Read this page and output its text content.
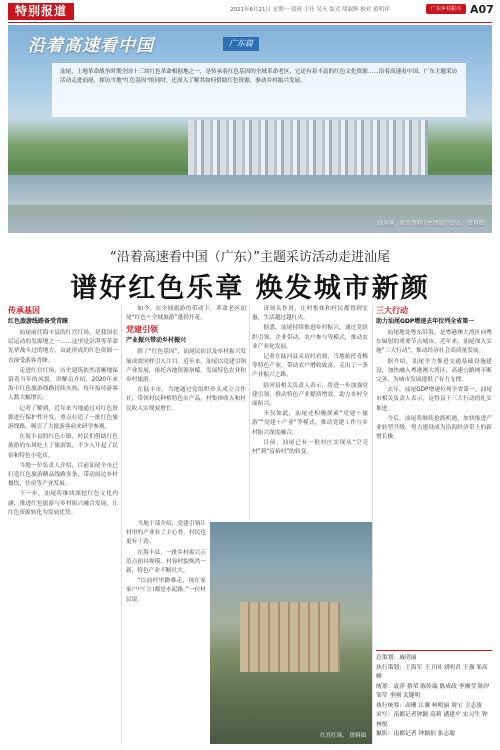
特别报道	2021年6月21日 星期一 值班 主任 吴天 版式 胡淑辉 校对 黄明祥	广东乡村振兴 A07
沿着高速看中国	广东篇
汕尾，土地革命战争时期全国十三块红色革命根据地之一，是传承着红色基因的全域革命老区，它还有着丰富的红色文化资源……沿着高速看中国，广东主题采访活动走进汕尾，探访当地"红色基因"的同时，还深入了解其如何借助红色资源，驱动乡村振兴发展。
汕尾港，紧靠渔港历史渔船停泊处。 资料图
“沿着高速看中国（广东）”主题采访活动走进汕尾
谱好红色乐章 焕发城市新颜
传承基因
红色旅游线路备受青睐

汕尾前往海丰县的红宫红场，是我国农民运动的发源地之一……这里是彭湃等革命先辈战斗过的地方，由此形成的红色资源一直深受游客青睐。

走进红宫红场，历史建筑依然清晰地保留着当年的风貌。讲解员介绍，2020年来海丰红色旅游线路持续火热，每年接待游客人数大幅增长。

记者了解到，近年来当地通过对红色资源进行保护性开发，重点打造了一批红色旅游线路，吸引了大批游客前来研学参观。

在海丰县的红色小镇，村民们借助红色旅游的东风吃上了旅游饭，不少人开起了民宿和特色小吃店。

当地一位负责人介绍，目前汕尾全市已打造红色旅游精品线路多条，带动周边乡村餐饮、住宿等产业发展。

下一步，汕尾将继续深挖红色文化内涵，推进红色旅游与乡村振兴融合发展，让红色资源转化为发展优势。

如今，在全域旅游的带动下，革命老区汕尾“红色＋全域旅游”蓬勃开花。

党建引领
产业振兴带动乡村振兴

除了“红色基因”，汕尾民宿以及乡村振兴发展成效同样引人注目。近年来，汕尾以党建引领产业发展，依托各地资源禀赋，发展特色农业和乡村旅游。

在陆丰市，当地通过党组织牵头成立合作社，带领村民种植特色农产品，村集体收入和村民收入实现双增长。

当地干部介绍，党建引领让村里的产业有了主心骨，村民也更有干劲。

在海丰县，一批乡村振兴示范点初具规模，村容村貌焕然一新，特色产业不断壮大。

“以前村里路难走，现在家家户户门口都是水泥路。”一位村民说。

济领头作用，让村集体和村民都得到实惠，生活越过越红火。

据悉，汕尾持续推进乡村振兴，通过党组织引领、企业带动、农户参与等模式，推动农业产业化发展。

记者在陆河县采访时看到，当地依托青梅等特色产业，带动农户增收致富，走出了一条产业振兴之路。

陆河县相关负责人表示，将进一步加强党建引领，推动特色产业提质增效，助力乡村全面振兴。

不仅如此，汕尾还积极探索“党建＋旅游”“党建＋产业”等模式，推动党建工作与乡村振兴深度融合。

目前，汕尾已有一批村庄实现从“空壳村”到“富裕村”的转变。

红宫红场。 资料图
三大行动
助力汕尾GDP增速去年位列全省第一

汕尾地处粤东沿海，是粤港澳大湾区向粤东辐射的重要节点城市。近年来，汕尾深入实施“三大行动”，推动经济社会高质量发展。

据介绍，汕尾全力推进交通基础设施建设，加快融入粤港澳大湾区，高速公路网不断完善，为城市发展提供了有力支撑。

去年，汕尾GDP增速位列全省第一。汕尾市相关负责人表示，这得益于三大行动的扎实推进。

今后，汕尾将继续抢抓机遇，加快推进产业转型升级，努力建设成为沿海经济带上的新增长极。

总策划：戚明丽
执行策划：王海军 王卫国 刘明君 王强 邹高峰
统筹：袁萍 蔡荣 陈传瑞 陈成政 李湘莹 陈岸 邹莹 李刚 关键明
执行统筹：高珊 江翼 柯明丽 周宝 卫志浚
采写：南都记者钟颖 高莉 潘建平 实习生 钟林悦
摄影：南都记者 钟颖拍 张志聪
